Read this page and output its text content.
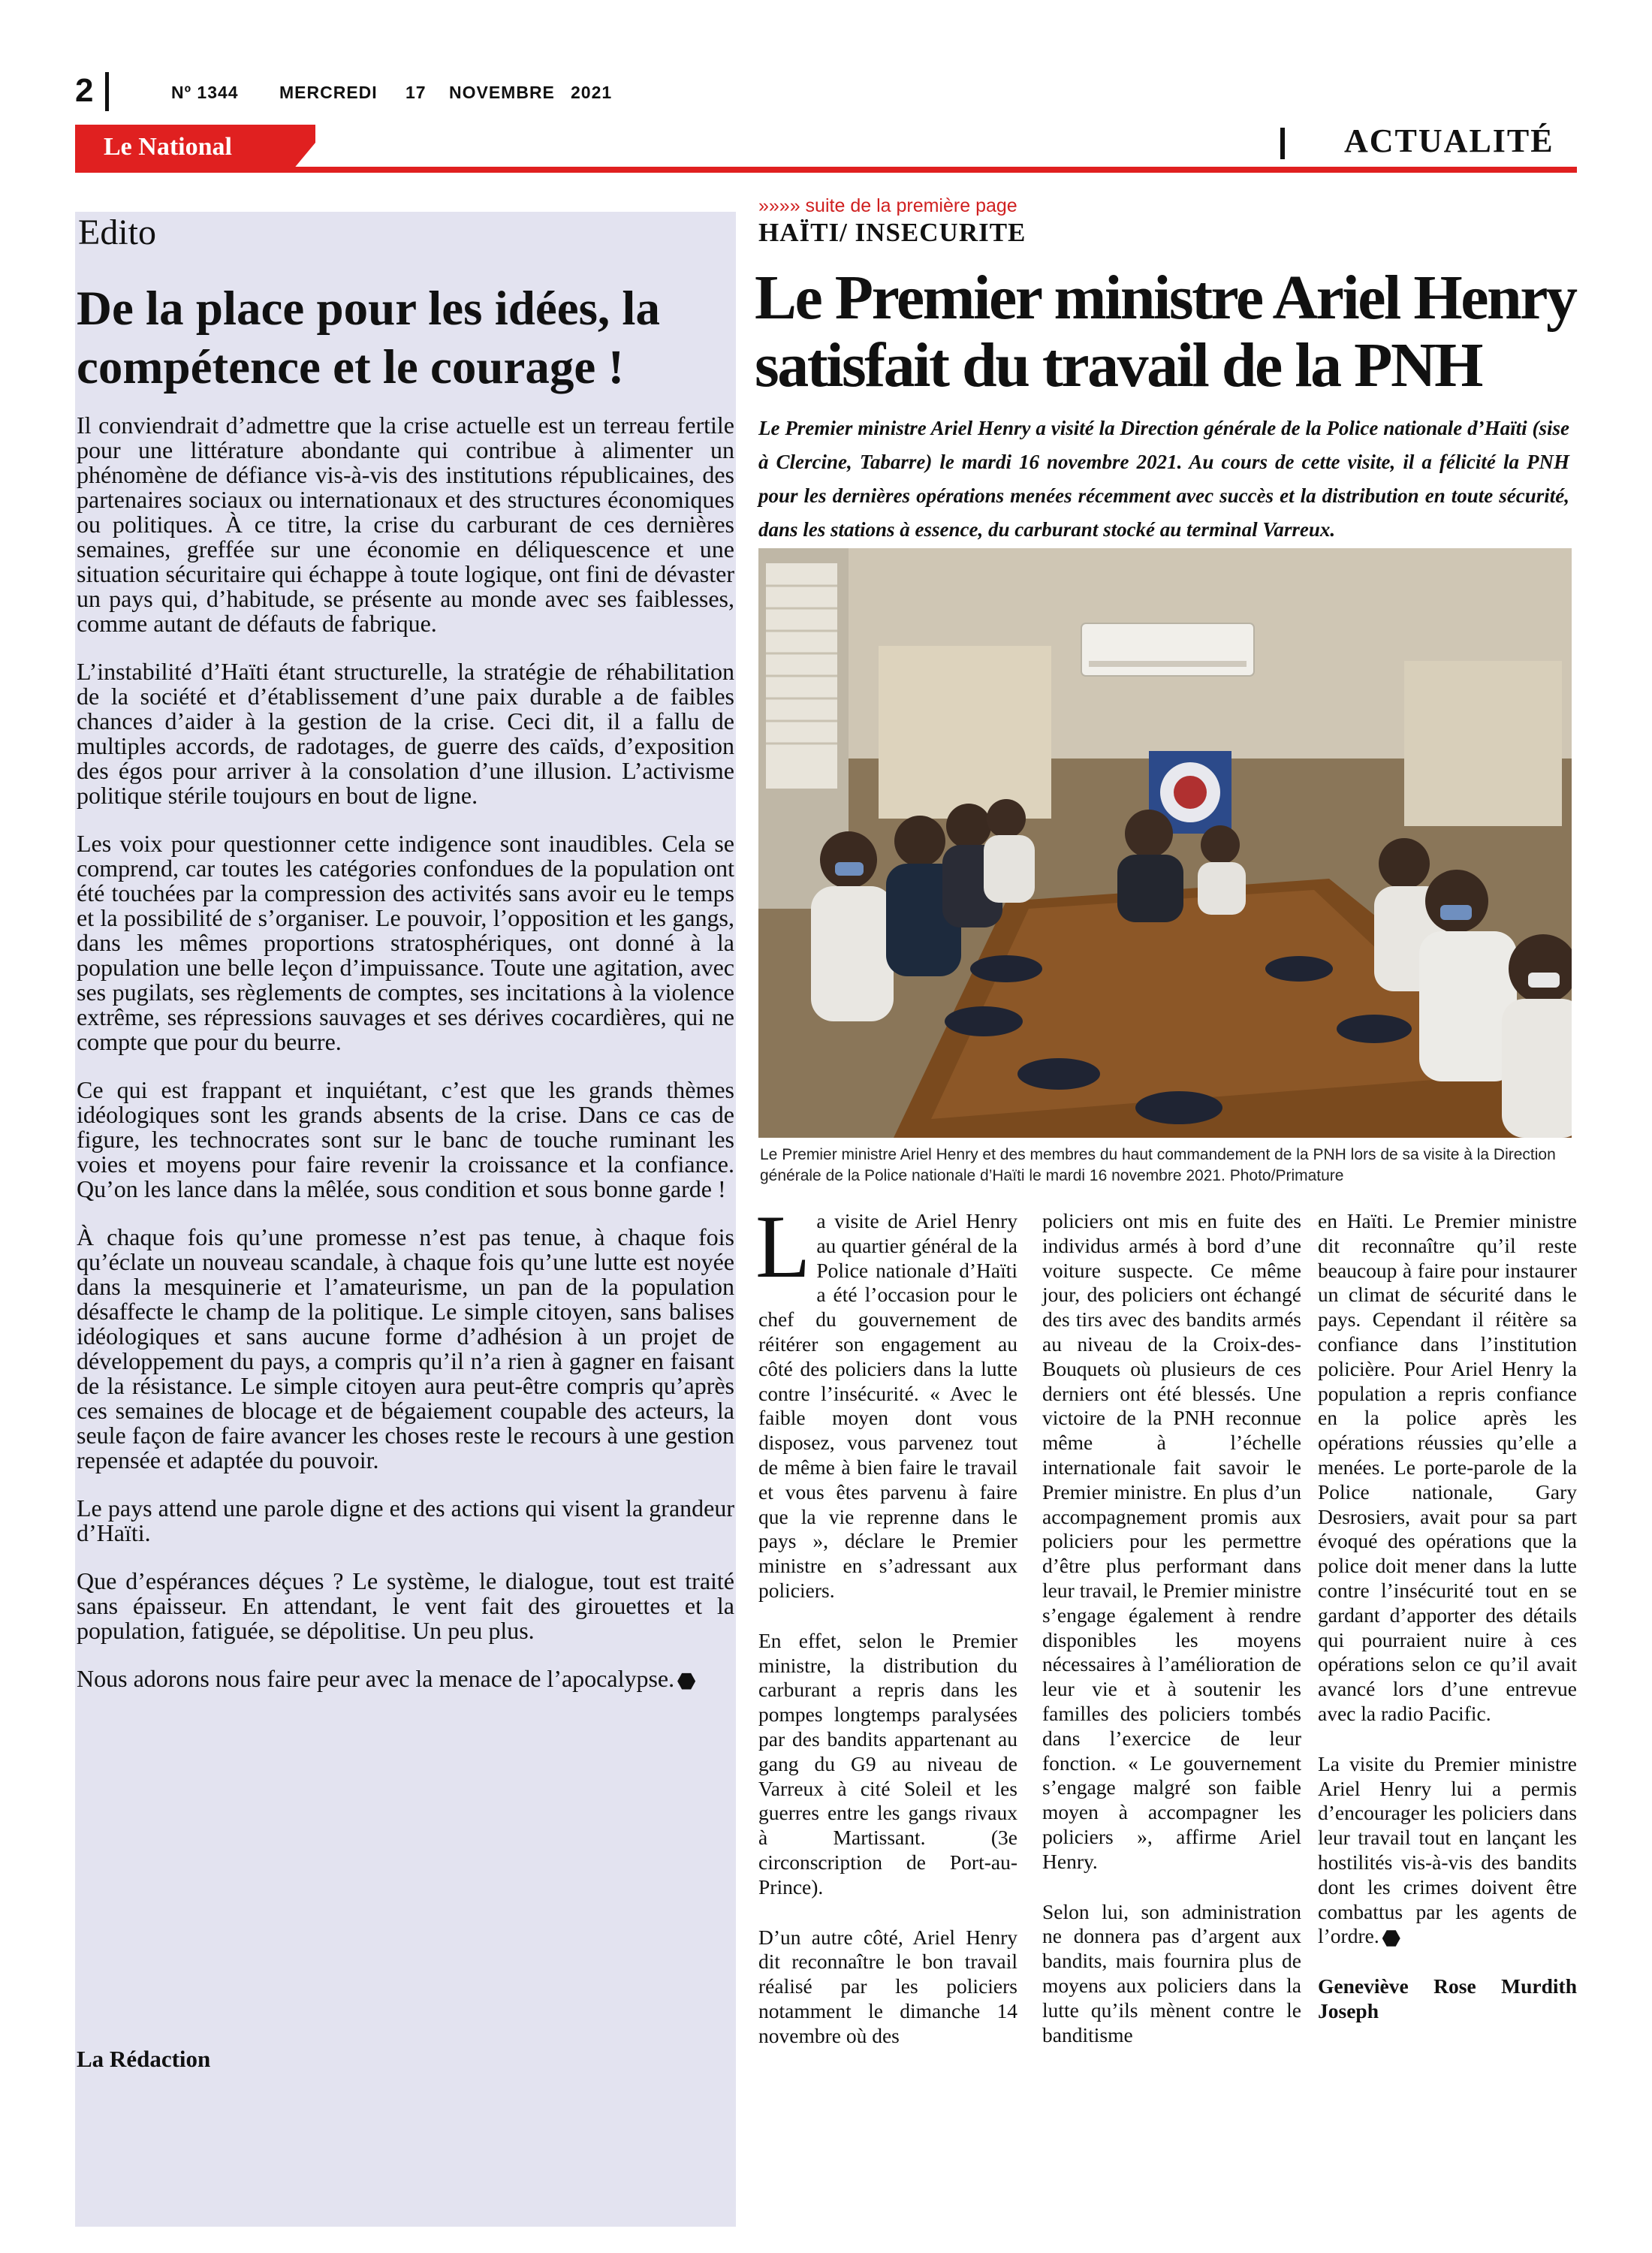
2	Nº 1344 MERCREDI 17 NOVEMBRE 2021
Le National	ACTUALITÉ
Edito
De la place pour les idées, la compétence et le courage !

Il conviendrait d’admettre que la crise actuelle est un terreau fertile pour une littérature abondante qui contribue à alimenter un phénomène de défiance vis-à-vis des institutions républicaines, des partenaires sociaux ou internationaux et des structures économiques ou politiques. À ce titre, la crise du carburant de ces dernières semaines, greffée sur une économie en déliquescence et une situation sécuritaire qui échappe à toute logique, ont fini de dévaster un pays qui, d’habitude, se présente au monde avec ses faiblesses, comme autant de défauts de fabrique.

L’instabilité d’Haïti étant structurelle, la stratégie de réhabilitation de la société et d’établissement d’une paix durable a de faibles chances d’aider à la gestion de la crise. Ceci dit, il a fallu de multiples accords, de radotages, de guerre des caïds, d’exposition des égos pour arriver à la consolation d’une illusion. L’activisme politique stérile toujours en bout de ligne.

Les voix pour questionner cette indigence sont inaudibles. Cela se comprend, car toutes les catégories confondues de la population ont été touchées par la compression des activités sans avoir eu le temps et la possibilité de s’organiser. Le pouvoir, l’opposition et les gangs, dans les mêmes proportions stratosphériques, ont donné à la population une belle leçon d’impuissance. Toute une agitation, avec ses pugilats, ses règlements de comptes, ses incitations à la violence extrême, ses répressions sauvages et ses dérives cocardières, qui ne compte que pour du beurre.

Ce qui est frappant et inquiétant, c’est que les grands thèmes idéologiques sont les grands absents de la crise. Dans ce cas de figure, les technocrates sont sur le banc de touche ruminant les voies et moyens pour faire revenir la croissance et la confiance. Qu’on les lance dans la mêlée, sous condition et sous bonne garde !

À chaque fois qu’une promesse n’est pas tenue, à chaque fois qu’éclate un nouveau scandale, à chaque fois qu’une lutte est noyée dans la mesquinerie et l’amateurisme, un pan de la population désaffecte le champ de la politique. Le simple citoyen, sans balises idéologiques et sans aucune forme d’adhésion à un projet de développement du pays, a compris qu’il n’a rien à gagner en faisant de la résistance. Le simple citoyen aura peut-être compris qu’après ces semaines de blocage et de bégaiement coupable des acteurs, la seule façon de faire avancer les choses reste le recours à une gestion repensée et adaptée du pouvoir.

Le pays attend une parole digne et des actions qui visent la grandeur d’Haïti.

Que d’espérances déçues ? Le système, le dialogue, tout est traité sans épaisseur. En attendant, le vent fait des girouettes et la population, fatiguée, se dépolitise. Un peu plus.

Nous adorons nous faire peur avec la menace de l’apocalypse.

La Rédaction
»»»» suite de la première page
HAÏTI/ INSECURITE
Le Premier ministre Ariel Henry satisfait du travail de la PNH
Le Premier ministre Ariel Henry a visité la Direction générale de la Police nationale d’Haïti (sise à Clercine, Tabarre) le mardi 16 novembre 2021. Au cours de cette visite, il a félicité la PNH pour les dernières opérations menées récemment avec succès et la distribution en toute sécurité, dans les stations à essence, du carburant stocké au terminal Varreux.
Le Premier ministre Ariel Henry et des membres du haut commandement de la PNH lors de sa visite à la Direction générale de la Police nationale d’Haïti le mardi 16 novembre 2021. Photo/Primature

La visite de Ariel Henry au quartier général de la Police nationale d’Haïti a été l’occasion pour le chef du gouvernement de réitérer son engagement au côté des policiers dans la lutte contre l’insécurité. « Avec le faible moyen dont vous disposez, vous parvenez tout de même à bien faire le travail et vous êtes parvenu à faire que la vie reprenne dans le pays », déclare le Premier ministre en s’adressant aux policiers.

En effet, selon le Premier ministre, la distribution du carburant a repris dans les pompes longtemps paralysées par des bandits appartenant au gang du G9 au niveau de Varreux à cité Soleil et les guerres entre les gangs rivaux à Martissant. (3e circonscription de Port-au-Prince).

D’un autre côté, Ariel Henry dit reconnaître le bon travail réalisé par les policiers notamment le dimanche 14 novembre où des

policiers ont mis en fuite des individus armés à bord d’une voiture suspecte. Ce même jour, des policiers ont échangé des tirs avec des bandits armés au niveau de la Croix-des-Bouquets où plusieurs de ces derniers ont été blessés. Une victoire de la PNH reconnue même à l’échelle internationale fait savoir le Premier ministre. En plus d’un accompagnement promis aux policiers pour les permettre d’être plus performant dans leur travail, le Premier ministre s’engage également à rendre disponibles les moyens nécessaires à l’amélioration de leur vie et à soutenir les familles des policiers tombés dans l’exercice de leur fonction. « Le gouvernement s’engage malgré son faible moyen à accompagner les policiers », affirme Ariel Henry.

Selon lui, son administration ne donnera pas d’argent aux bandits, mais fournira plus de moyens aux policiers dans la lutte qu’ils mènent contre le banditisme

en Haïti. Le Premier ministre dit reconnaître qu’il reste beaucoup à faire pour instaurer un climat de sécurité dans le pays. Cependant il réitère sa confiance dans l’institution policière. Pour Ariel Henry la population a repris confiance en la police après les opérations réussies qu’elle a menées. Le porte-parole de la Police nationale, Gary Desrosiers, avait pour sa part évoqué des opérations que la police doit mener dans la lutte contre l’insécurité tout en se gardant d’apporter des détails qui pourraient nuire à ces opérations selon ce qu’il avait avancé lors d’une entrevue avec la radio Pacific.

La visite du Premier ministre Ariel Henry lui a permis d’encourager les policiers dans leur travail tout en lançant les hostilités vis-à-vis des bandits dont les crimes doivent être combattus par les agents de l’ordre.

Geneviève Rose Murdith Joseph
